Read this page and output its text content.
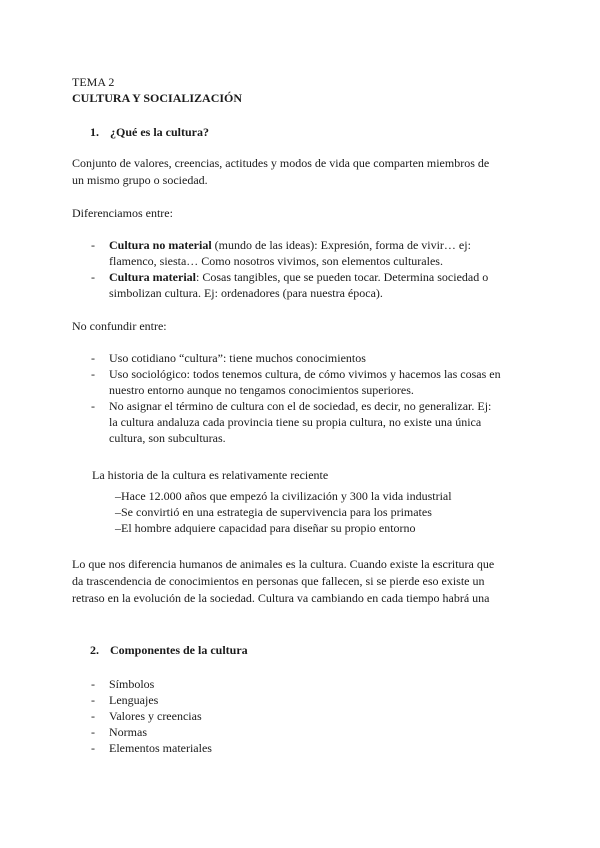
TEMA 2
CULTURA Y SOCIALIZACIÓN
1. ¿Qué es la cultura?
Conjunto de valores, creencias, actitudes y modos de vida que comparten miembros de
un mismo grupo o sociedad.
Diferenciamos entre:
- Cultura no material (mundo de las ideas): Expresión, forma de vivir… ej:
flamenco, siesta… Como nosotros vivimos, son elementos culturales.
- Cultura material: Cosas tangibles, que se pueden tocar. Determina sociedad o
simbolizan cultura. Ej: ordenadores (para nuestra época).
No confundir entre:
- Uso cotidiano “cultura”: tiene muchos conocimientos
- Uso sociológico: todos tenemos cultura, de cómo vivimos y hacemos las cosas en
nuestro entorno aunque no tengamos conocimientos superiores.
- No asignar el término de cultura con el de sociedad, es decir, no generalizar. Ej:
la cultura andaluza cada provincia tiene su propia cultura, no existe una única
cultura, son subculturas.
La historia de la cultura es relativamente reciente
–Hace 12.000 años que empezó la civilización y 300 la vida industrial
–Se convirtió en una estrategia de supervivencia para los primates
–El hombre adquiere capacidad para diseñar su propio entorno
Lo que nos diferencia humanos de animales es la cultura. Cuando existe la escritura que
da trascendencia de conocimientos en personas que fallecen, si se pierde eso existe un
retraso en la evolución de la sociedad. Cultura va cambiando en cada tiempo habrá una
2. Componentes de la cultura
- Símbolos
- Lenguajes
- Valores y creencias
- Normas
- Elementos materiales
